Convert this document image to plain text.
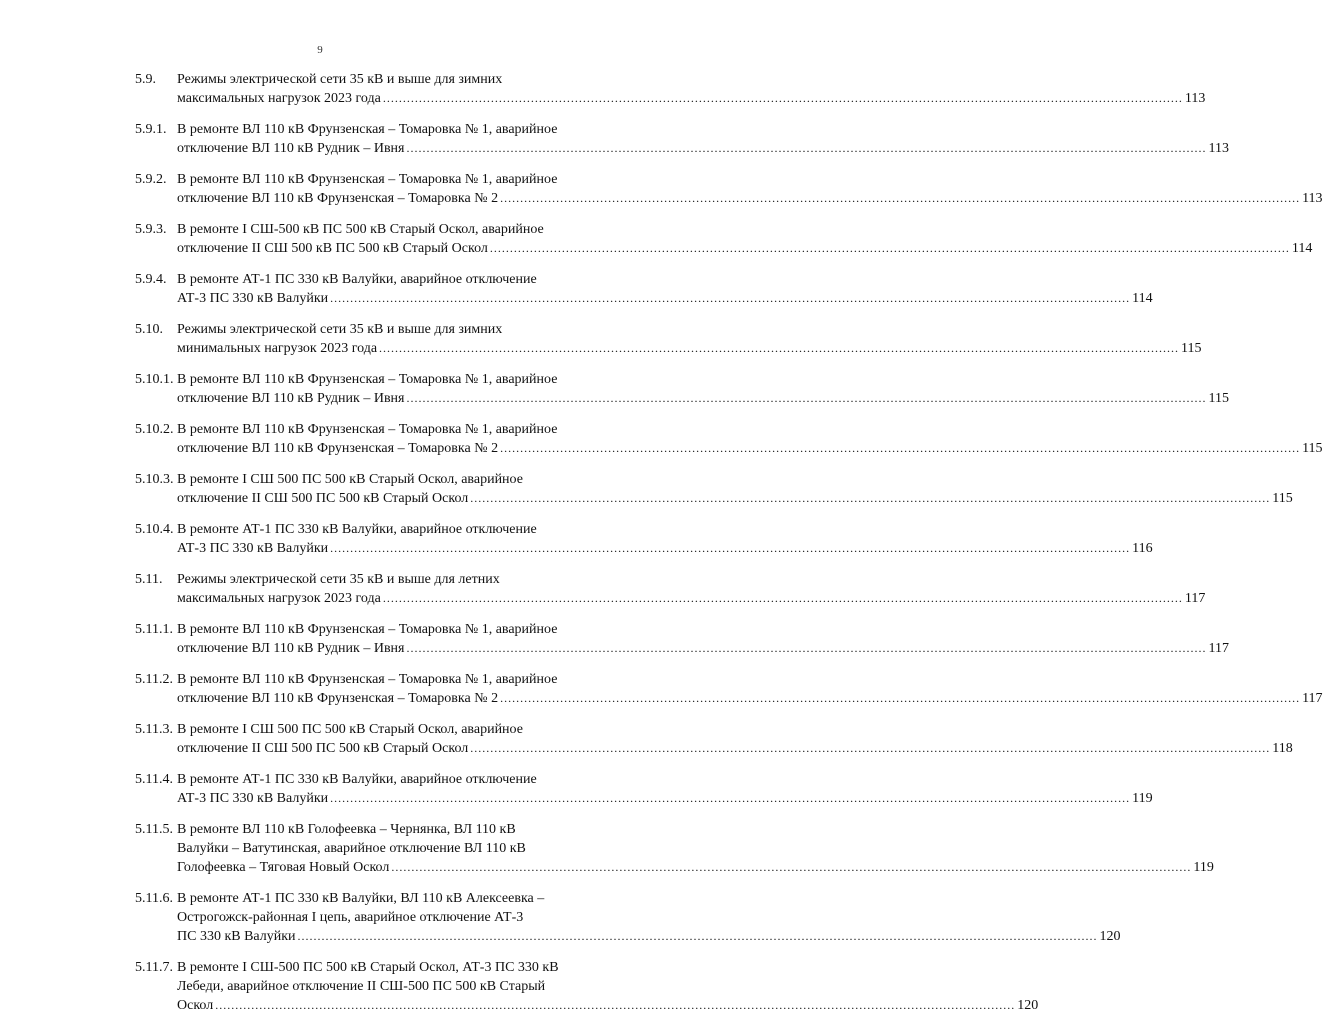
9
5.9. Режимы электрической сети 35 кВ и выше для зимних
максимальных нагрузок 2023 года ........................................................................................................................................................................................................ 113
5.9.1. В ремонте ВЛ 110 кВ Фрунзенская – Томаровка № 1, аварийное
отключение ВЛ 110 кВ Рудник – Ивня ........................................................................................................................................................................................................ 113
5.9.2. В ремонте ВЛ 110 кВ Фрунзенская – Томаровка № 1, аварийное
отключение ВЛ 110 кВ Фрунзенская – Томаровка № 2 ........................................................................................................................................................................................................ 113
5.9.3. В ремонте I СШ-500 кВ ПС 500 кВ Старый Оскол, аварийное
отключение II СШ 500 кВ ПС 500 кВ Старый Оскол ........................................................................................................................................................................................................ 114
5.9.4. В ремонте АТ-1 ПС 330 кВ Валуйки, аварийное отключение
АТ-3 ПС 330 кВ Валуйки ........................................................................................................................................................................................................ 114
5.10. Режимы электрической сети 35 кВ и выше для зимних
минимальных нагрузок 2023 года ........................................................................................................................................................................................................ 115
5.10.1. В ремонте ВЛ 110 кВ Фрунзенская – Томаровка № 1, аварийное
отключение ВЛ 110 кВ Рудник – Ивня ........................................................................................................................................................................................................ 115
5.10.2. В ремонте ВЛ 110 кВ Фрунзенская – Томаровка № 1, аварийное
отключение ВЛ 110 кВ Фрунзенская – Томаровка № 2 ........................................................................................................................................................................................................ 115
5.10.3. В ремонте I СШ 500 ПС 500 кВ Старый Оскол, аварийное
отключение II СШ 500 ПС 500 кВ Старый Оскол ........................................................................................................................................................................................................ 115
5.10.4. В ремонте АТ-1 ПС 330 кВ Валуйки, аварийное отключение
АТ-3 ПС 330 кВ Валуйки ........................................................................................................................................................................................................ 116
5.11. Режимы электрической сети 35 кВ и выше для летних
максимальных нагрузок 2023 года ........................................................................................................................................................................................................ 117
5.11.1. В ремонте ВЛ 110 кВ Фрунзенская – Томаровка № 1, аварийное
отключение ВЛ 110 кВ Рудник – Ивня ........................................................................................................................................................................................................ 117
5.11.2. В ремонте ВЛ 110 кВ Фрунзенская – Томаровка № 1, аварийное
отключение ВЛ 110 кВ Фрунзенская – Томаровка № 2 ........................................................................................................................................................................................................ 117
5.11.3. В ремонте I СШ 500 ПС 500 кВ Старый Оскол, аварийное
отключение II СШ 500 ПС 500 кВ Старый Оскол ........................................................................................................................................................................................................ 118
5.11.4. В ремонте АТ-1 ПС 330 кВ Валуйки, аварийное отключение
АТ-3 ПС 330 кВ Валуйки ........................................................................................................................................................................................................ 119
5.11.5. В ремонте ВЛ 110 кВ Голофеевка – Чернянка, ВЛ 110 кВ
Валуйки – Ватутинская, аварийное отключение ВЛ 110 кВ
Голофеевка – Тяговая Новый Оскол ........................................................................................................................................................................................................ 119
5.11.6. В ремонте АТ-1 ПС 330 кВ Валуйки, ВЛ 110 кВ Алексеевка –
Острогожск-районная I цепь, аварийное отключение АТ-3
ПС 330 кВ Валуйки ........................................................................................................................................................................................................ 120
5.11.7. В ремонте I СШ-500 ПС 500 кВ Старый Оскол, АТ-3 ПС 330 кВ
Лебеди, аварийное отключение II СШ-500 ПС 500 кВ Старый
Оскол ........................................................................................................................................................................................................ 120
